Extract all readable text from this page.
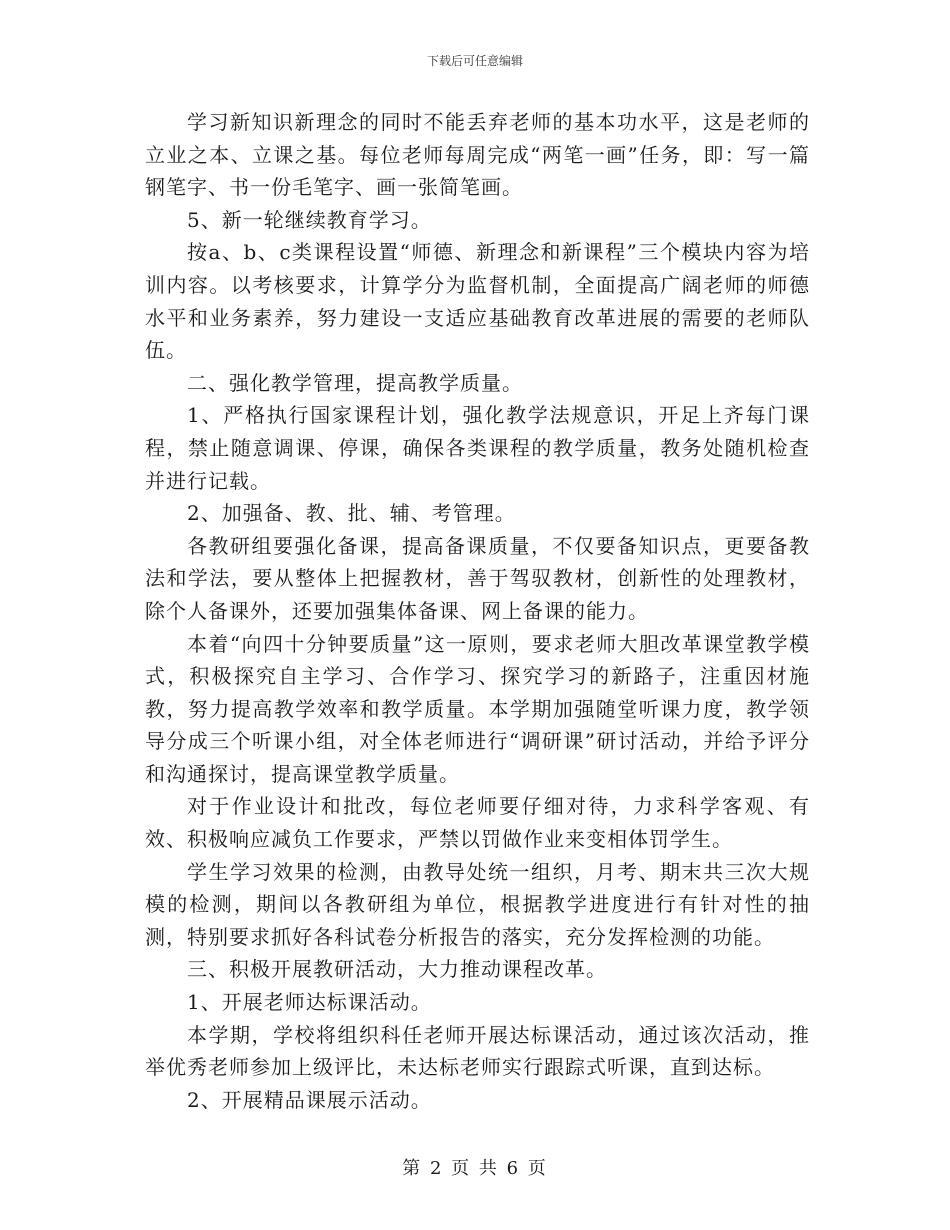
下载后可任意编辑

学习新知识新理念的同时不能丢弃老师的基本功水平，这是老师的立业之本、立课之基。每位老师每周完成“两笔一画”任务，即：写一篇钢笔字、书一份毛笔字、画一张简笔画。

5、新一轮继续教育学习。

按a、b、c类课程设置“师德、新理念和新课程”三个模块内容为培训内容。以考核要求，计算学分为监督机制，全面提高广阔老师的师德水平和业务素养，努力建设一支适应基础教育改革进展的需要的老师队伍。

二、强化教学管理，提高教学质量。

1、严格执行国家课程计划，强化教学法规意识，开足上齐每门课程，禁止随意调课、停课，确保各类课程的教学质量，教务处随机检查并进行记载。

2、加强备、教、批、辅、考管理。

各教研组要强化备课，提高备课质量，不仅要备知识点，更要备教法和学法，要从整体上把握教材，善于驾驭教材，创新性的处理教材，除个人备课外，还要加强集体备课、网上备课的能力。

本着“向四十分钟要质量”这一原则，要求老师大胆改革课堂教学模式，积极探究自主学习、合作学习、探究学习的新路子，注重因材施教，努力提高教学效率和教学质量。本学期加强随堂听课力度，教学领导分成三个听课小组，对全体老师进行“调研课”研讨活动，并给予评分和沟通探讨，提高课堂教学质量。

对于作业设计和批改，每位老师要仔细对待，力求科学客观、有效、积极响应减负工作要求，严禁以罚做作业来变相体罚学生。

学生学习效果的检测，由教导处统一组织，月考、期末共三次大规模的检测，期间以各教研组为单位，根据教学进度进行有针对性的抽测，特别要求抓好各科试卷分析报告的落实，充分发挥检测的功能。

三、积极开展教研活动，大力推动课程改革。

1、开展老师达标课活动。

本学期，学校将组织科任老师开展达标课活动，通过该次活动，推举优秀老师参加上级评比，未达标老师实行跟踪式听课，直到达标。

2、开展精品课展示活动。

第 2 页 共 6 页
